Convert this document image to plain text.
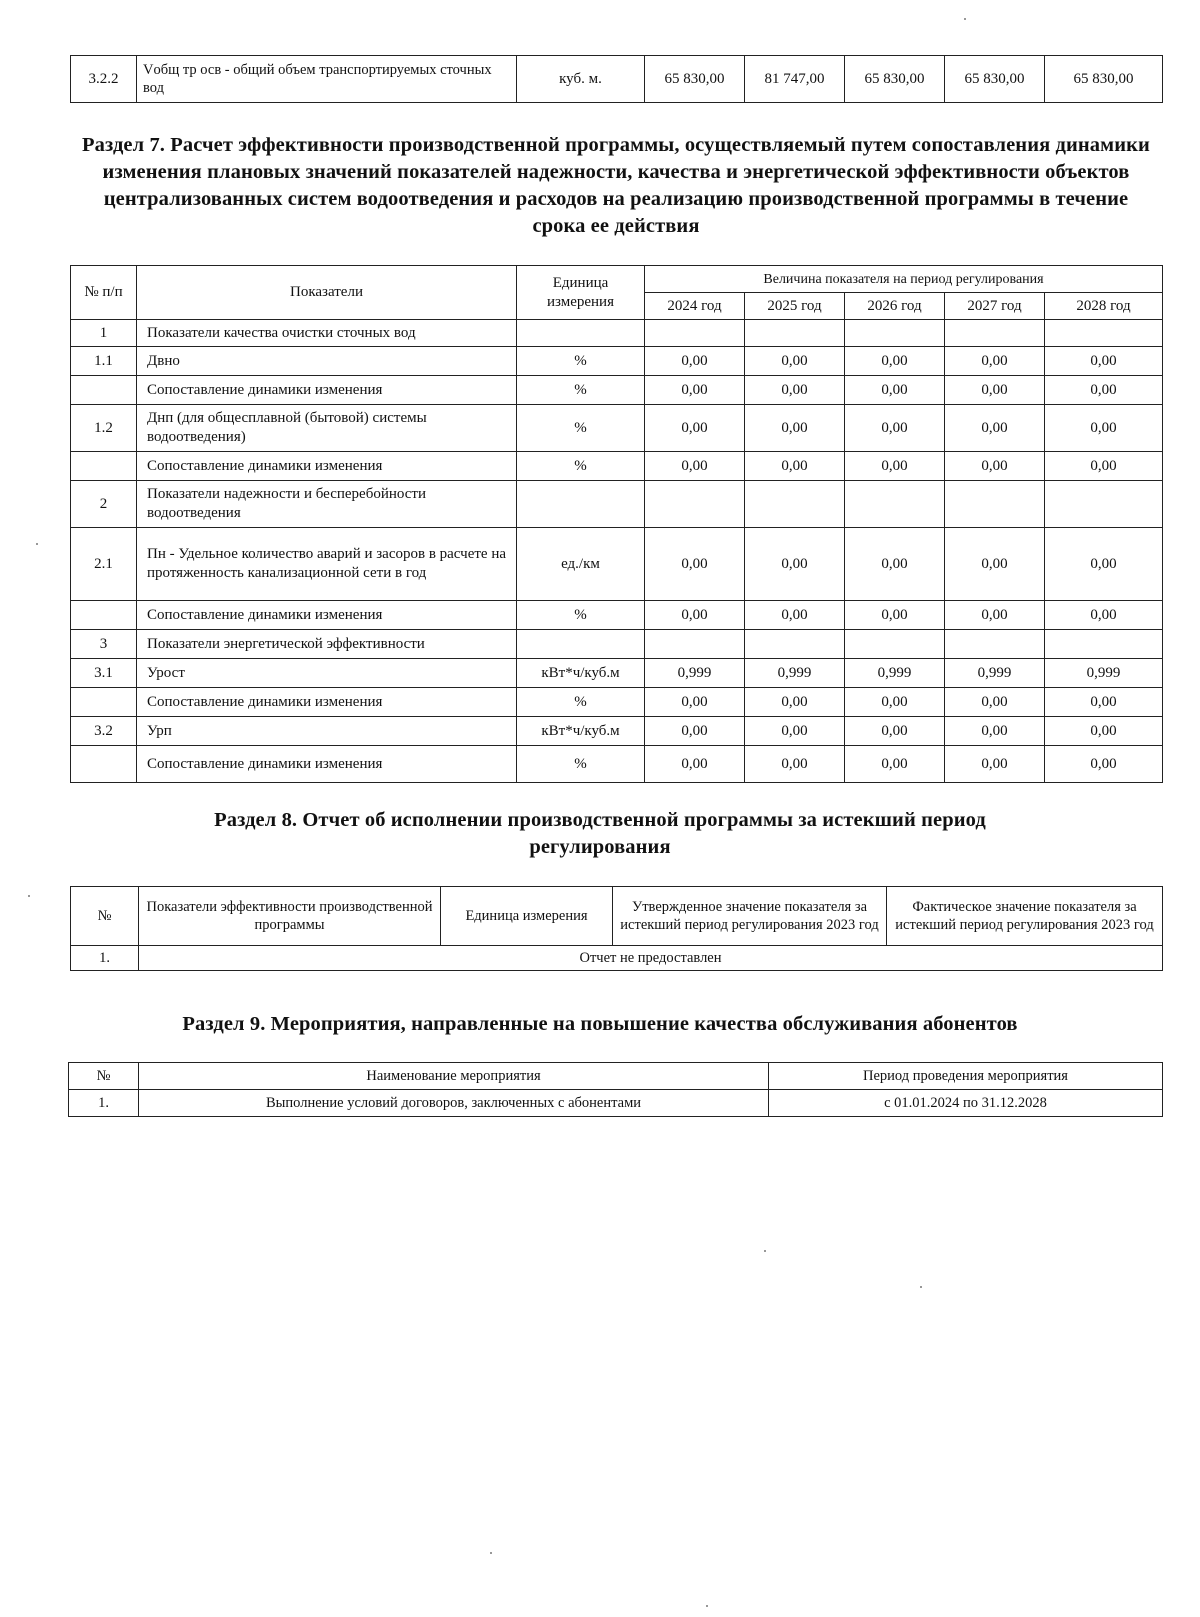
3.2.2	Vобщ тр осв - общий объем транспортируемых сточных вод	куб. м.	65 830,00	81 747,00	65 830,00	65 830,00	65 830,00
Раздел 7. Расчет эффективности производственной программы, осуществляемый путем сопоставления динамики изменения плановых значений показателей надежности, качества и энергетической эффективности объектов централизованных систем водоотведения и расходов на реализацию производственной программы в течение срока ее действия
№ п/п	Показатели	Единица измерения	Величина показателя на период регулирования				
			2024 год	2025 год	2026 год	2027 год	2028 год
1	Показатели качества очистки сточных вод						
1.1	Двно	%	0,00	0,00	0,00	0,00	0,00
	Сопоставление динамики изменения	%	0,00	0,00	0,00	0,00	0,00
1.2	Днп (для общесплавной (бытовой) системы водоотведения)	%	0,00	0,00	0,00	0,00	0,00
	Сопоставление динамики изменения	%	0,00	0,00	0,00	0,00	0,00
2	Показатели надежности и бесперебойности водоотведения						
2.1	Пн - Удельное количество аварий и засоров в расчете на протяженность канализационной сети в год	ед./км	0,00	0,00	0,00	0,00	0,00
	Сопоставление динамики изменения	%	0,00	0,00	0,00	0,00	0,00
3	Показатели энергетической эффективности						
3.1	Урост	кВт*ч/куб.м	0,999	0,999	0,999	0,999	0,999
	Сопоставление динамики изменения	%	0,00	0,00	0,00	0,00	0,00
3.2	Урп	кВт*ч/куб.м	0,00	0,00	0,00	0,00	0,00
	Сопоставление динамики изменения	%	0,00	0,00	0,00	0,00	0,00
Раздел 8. Отчет об исполнении производственной программы за истекший период регулирования
№	Показатели эффективности производственной программы	Единица измерения	Утвержденное значение показателя за истекший период регулирования 2023 год	Фактическое значение показателя за истекший период регулирования 2023 год
1.	Отчет не предоставлен			
Раздел 9. Мероприятия, направленные на повышение качества обслуживания абонентов
№	Наименование мероприятия	Период проведения мероприятия
1.	Выполнение условий договоров, заключенных с абонентами	с 01.01.2024 по 31.12.2028
